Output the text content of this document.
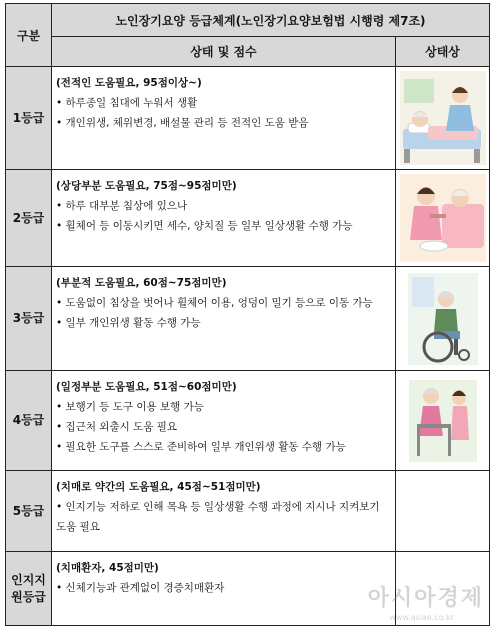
구분	노인장기요양 등급체계(노인장기요양보험법 시행령 제7조)	
	상태 및 점수	상태상
1등급	(전적인 도움필요, 95점이상~)
• 하루종일 침대에 누워서 생활
• 개인위생, 체위변경, 배설물 관리 등 전적인 도움 받음

2등급	(상당부분 도움필요, 75점~95점미만)
• 하루 대부분 침상에 있으나
• 휠체어 등 이동시키면 세수, 양치질 등 일부 일상생활 수행 가능

3등급	(부분적 도움필요, 60점~75점미만)
• 도움없이 침상을 벗어나 휠체어 이용, 엉덩이 밀기 등으로 이동 가능
• 일부 개인위생 활동 수행 가능

4등급	(일정부분 도움필요, 51점~60점미만)
• 보행기 등 도구 이용 보행 가능
• 집근처 외출시 도움 필요
• 필요한 도구를 스스로 준비하여 일부 개인위생 활동 수행 가능

5등급	(치매로 약간의 도움필요, 45점~51점미만)
• 인지기능 저하로 인해 목욕 등 일상생활 수행 과정에 지시나 지켜보기 도움 필요	

인지지원등급	(치매환자, 45점미만)
• 신체기능과 관계없이 경증치매환자	
		아시아경제
www.asiae.co.kr
